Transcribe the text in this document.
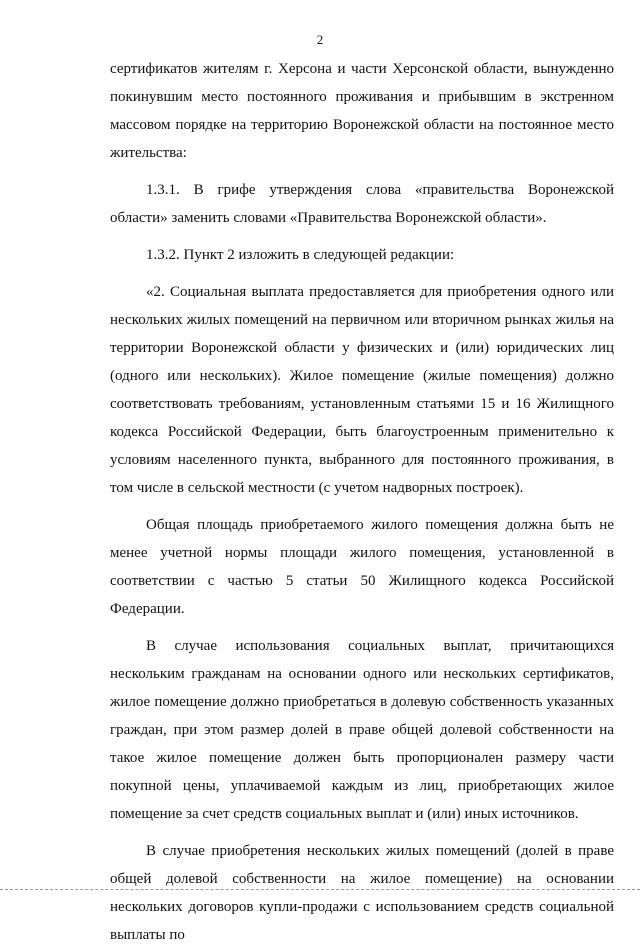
2

сертификатов жителям г. Херсона и части Херсонской области, вынужденно покинувшим место постоянного проживания и прибывшим в экстренном массовом порядке на территорию Воронежской области на постоянное место жительства:

1.3.1. В грифе утверждения слова «правительства Воронежской области» заменить словами «Правительства Воронежской области».

1.3.2. Пункт 2 изложить в следующей редакции:

«2. Социальная выплата предоставляется для приобретения одного или нескольких жилых помещений на первичном или вторичном рынках жилья на территории Воронежской области у физических и (или) юридических лиц (одного или нескольких). Жилое помещение (жилые помещения) должно соответствовать требованиям, установленным статьями 15 и 16 Жилищного кодекса Российской Федерации, быть благоустроенным применительно к условиям населенного пункта, выбранного для постоянного проживания, в том числе в сельской местности (с учетом надворных построек).

Общая площадь приобретаемого жилого помещения должна быть не менее учетной нормы площади жилого помещения, установленной в соответствии с частью 5 статьи 50 Жилищного кодекса Российской Федерации.

В случае использования социальных выплат, причитающихся нескольким гражданам на основании одного или нескольких сертификатов, жилое помещение должно приобретаться в долевую собственность указанных граждан, при этом размер долей в праве общей долевой собственности на такое жилое помещение должен быть пропорционален размеру части покупной цены, уплачиваемой каждым из лиц, приобретающих жилое помещение за счет средств социальных выплат и (или) иных источников.

В случае приобретения нескольких жилых помещений (долей в праве общей долевой собственности на жилое помещение) на основании нескольких договоров купли-продажи с использованием средств социальной выплаты по
